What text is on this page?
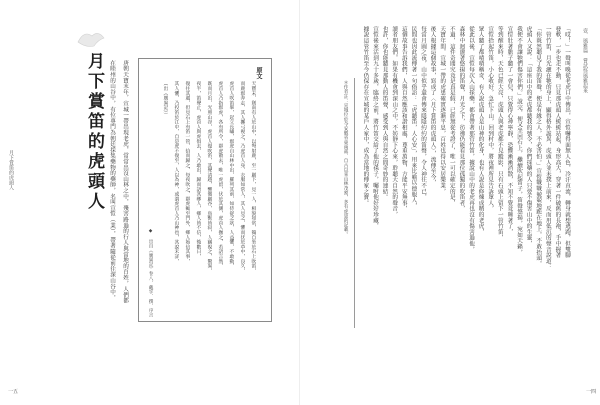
月下賞笛的虎頭人
一五
月下賞笛的虎頭人	唐朝天寶末年，宣城一帶出現老虎，常常出沒山林之中，殘害路過的行人與當地的百姓，人們都
在睦州的山谷中，有位專門為朝廷採集藥物的藥師，名叫宣愷（業），帶著隨從前往深山谷中，	原文
天寶末，劍南有人於山中，以弩射鹿，至一巖下，見一人，相貌如常，獨自坐於石上吹笛，
而鹿群奔走，其人擲弓視之，乃虎首人身，衣服如常人，其人見之，懼而伏於草中，良久，
虎首人吹笛畢，起立長嘯，群虎自山林中出，羅列其前，如侍從之狀，人益懼，不敢動，
虎首人乃指群虎，各有所令，群虎散去，唯一虎留，伏於其側，虎首人撫之，若語言然，
既而月出，光照山谷，虎首人復吹笛，其聲清越，響徹巖谷，鳥獸皆寂，人竊視之，驚異，
夜半，笛聲止，虎首人與虎俱去，人乃敢出，歸而語其鄉人，鄉人皆不信，後數日，
復往其處，但見石上有笛一管，拾而歸之，每夜吹之，群虎輒至門外，鄉人始信其事，
其人懼，乃投笛於江中，自是虎不復至，人以為神，或謂虎首人乃山神也，其說未詳，
（出《廣異記》）
◆ 出自《廣異記》卷八．戴孚．撰．序言
壹．風雅篇　嘗試怪風雅起來
一四
「哎！」一聲叫喚從老虎口中傳出，宣愷嚇得面無人色，冷汗直流，轉身就想逃跑，但雙腳
發軟，一步也走不動，只見那虎頭人緩緩站起，身形高大，穿著一件破舊的長袍，手中握著
一管竹笛，月光灑在牠的身上，顯得格外詭異，虎頭人並未撲上前來，反而用低沉的聲音說道：
「你既然聽見了我的笛聲，便是有緣之人，不必害怕。」宣愷戰戰兢兢地跪在地上，不敢抬頭，
虎頭人又說：「這座山中的老虎都聽我的號令，你們採藥的人只要不傷害山中的生靈，
我便不會讓牠們傷害你們。」說完，便又坐回石上，繼續吹起笛子，笛聲悠揚，宛如天籟，
宣愷壯著膽子聽了一會兒，只覺得心神寧靜，恐懼漸漸消散，不知不覺竟睡著了，
等到醒來時，天色已經大亮，虎頭人與老虎都不見蹤影，只有石頭上留下一管竹笛，
宣愷拾起竹笛，小心收好，急忙下山，回到村中，將夜裡所見告訴眾人，
眾人聽了都嘖嘖稱奇，有人說虎頭人是山神的化身，也有人說是修煉成精的老虎，
從此以後，宣愷每次入山採藥，都會帶著那管竹笛，據說山中的老虎再也沒有傷害過他，
森林中迴盪著悠揚的笛聲，月光之下，彷彿仍能看見那位孤獨的吹笛者，
不過，這件奇聞究竟是真是假，已經無從考證了，唯一可以確定的是，
天寶年間，宣城一帶的虎患確實逐漸平息，百姓也得以安居樂業，
後人根據這個故事，寫成了〈月下賞笛的虎頭人〉，流傳至今，
每當月圓之夜，山中似乎還會傳來隱隱約約的笛聲，令人神往不已，
民間也因此流傳著一句俗語：「虎聽笛，人心安」，用來比喻以德服人，
這個故事告訴我們，人與自然應該和諧相處，尊重萬物，方能平安無事，
讀者朋友們，如果有機會到深山之中，不妨靜下心來，聆聽大自然的聲音，
也許，你也能聽見那動人的笛聲，感受到人與自然之間奇妙的連結。
宣愷後來活到九十多歲，臨終之前，將竹笛交給了他的孫子，囑咐他好好珍藏，
據說這管竹笛至今仍保存在宣城的某戶人家中，成為當地的傳家之寶。
＊作者註：宣城位於今安徽省東南部，自古以來山林茂密，多有虎患的記載。
